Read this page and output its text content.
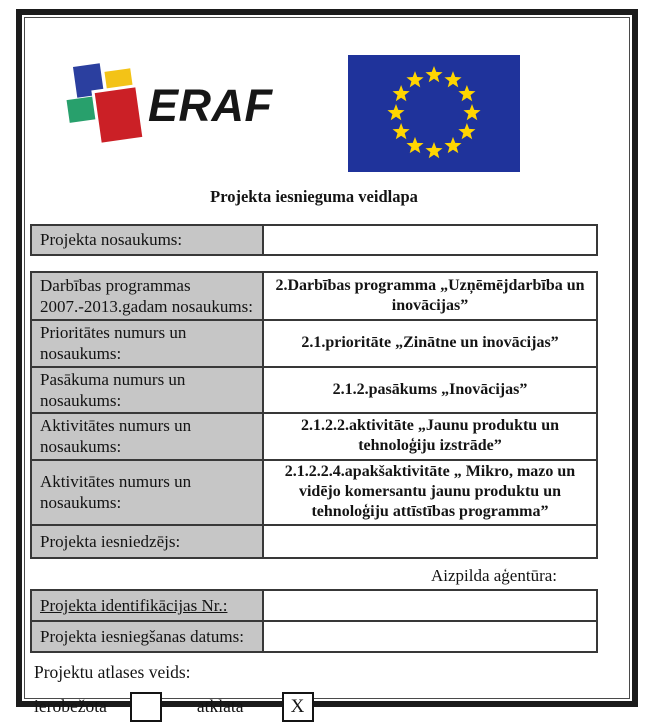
ERAF
Projekta iesnieguma veidlapa
Projekta nosaukums:	
Darbības programmas 2007.-2013.gadam nosaukums:	2.Darbības programma „Uzņēmējdarbība un inovācijas”
Prioritātes numurs un nosaukums:	2.1.prioritāte „Zinātne un inovācijas”
Pasākuma numurs un nosaukums:	2.1.2.pasākums „Inovācijas”
Aktivitātes numurs un nosaukums:	2.1.2.2.aktivitāte „Jaunu produktu un tehnoloģiju izstrāde”
Aktivitātes numurs un nosaukums:	2.1.2.2.4.apakšaktivitāte „ Mikro, mazo un vidējo komersantu jaunu produktu un tehnoloģiju attīstības programma”
Projekta iesniedzējs:	
Aizpilda aģentūra:
Projekta identifikācijas Nr.:	
Projekta iesniegšanas datums:	
Projektu atlases veids:
ierobežota	atklāta	X
